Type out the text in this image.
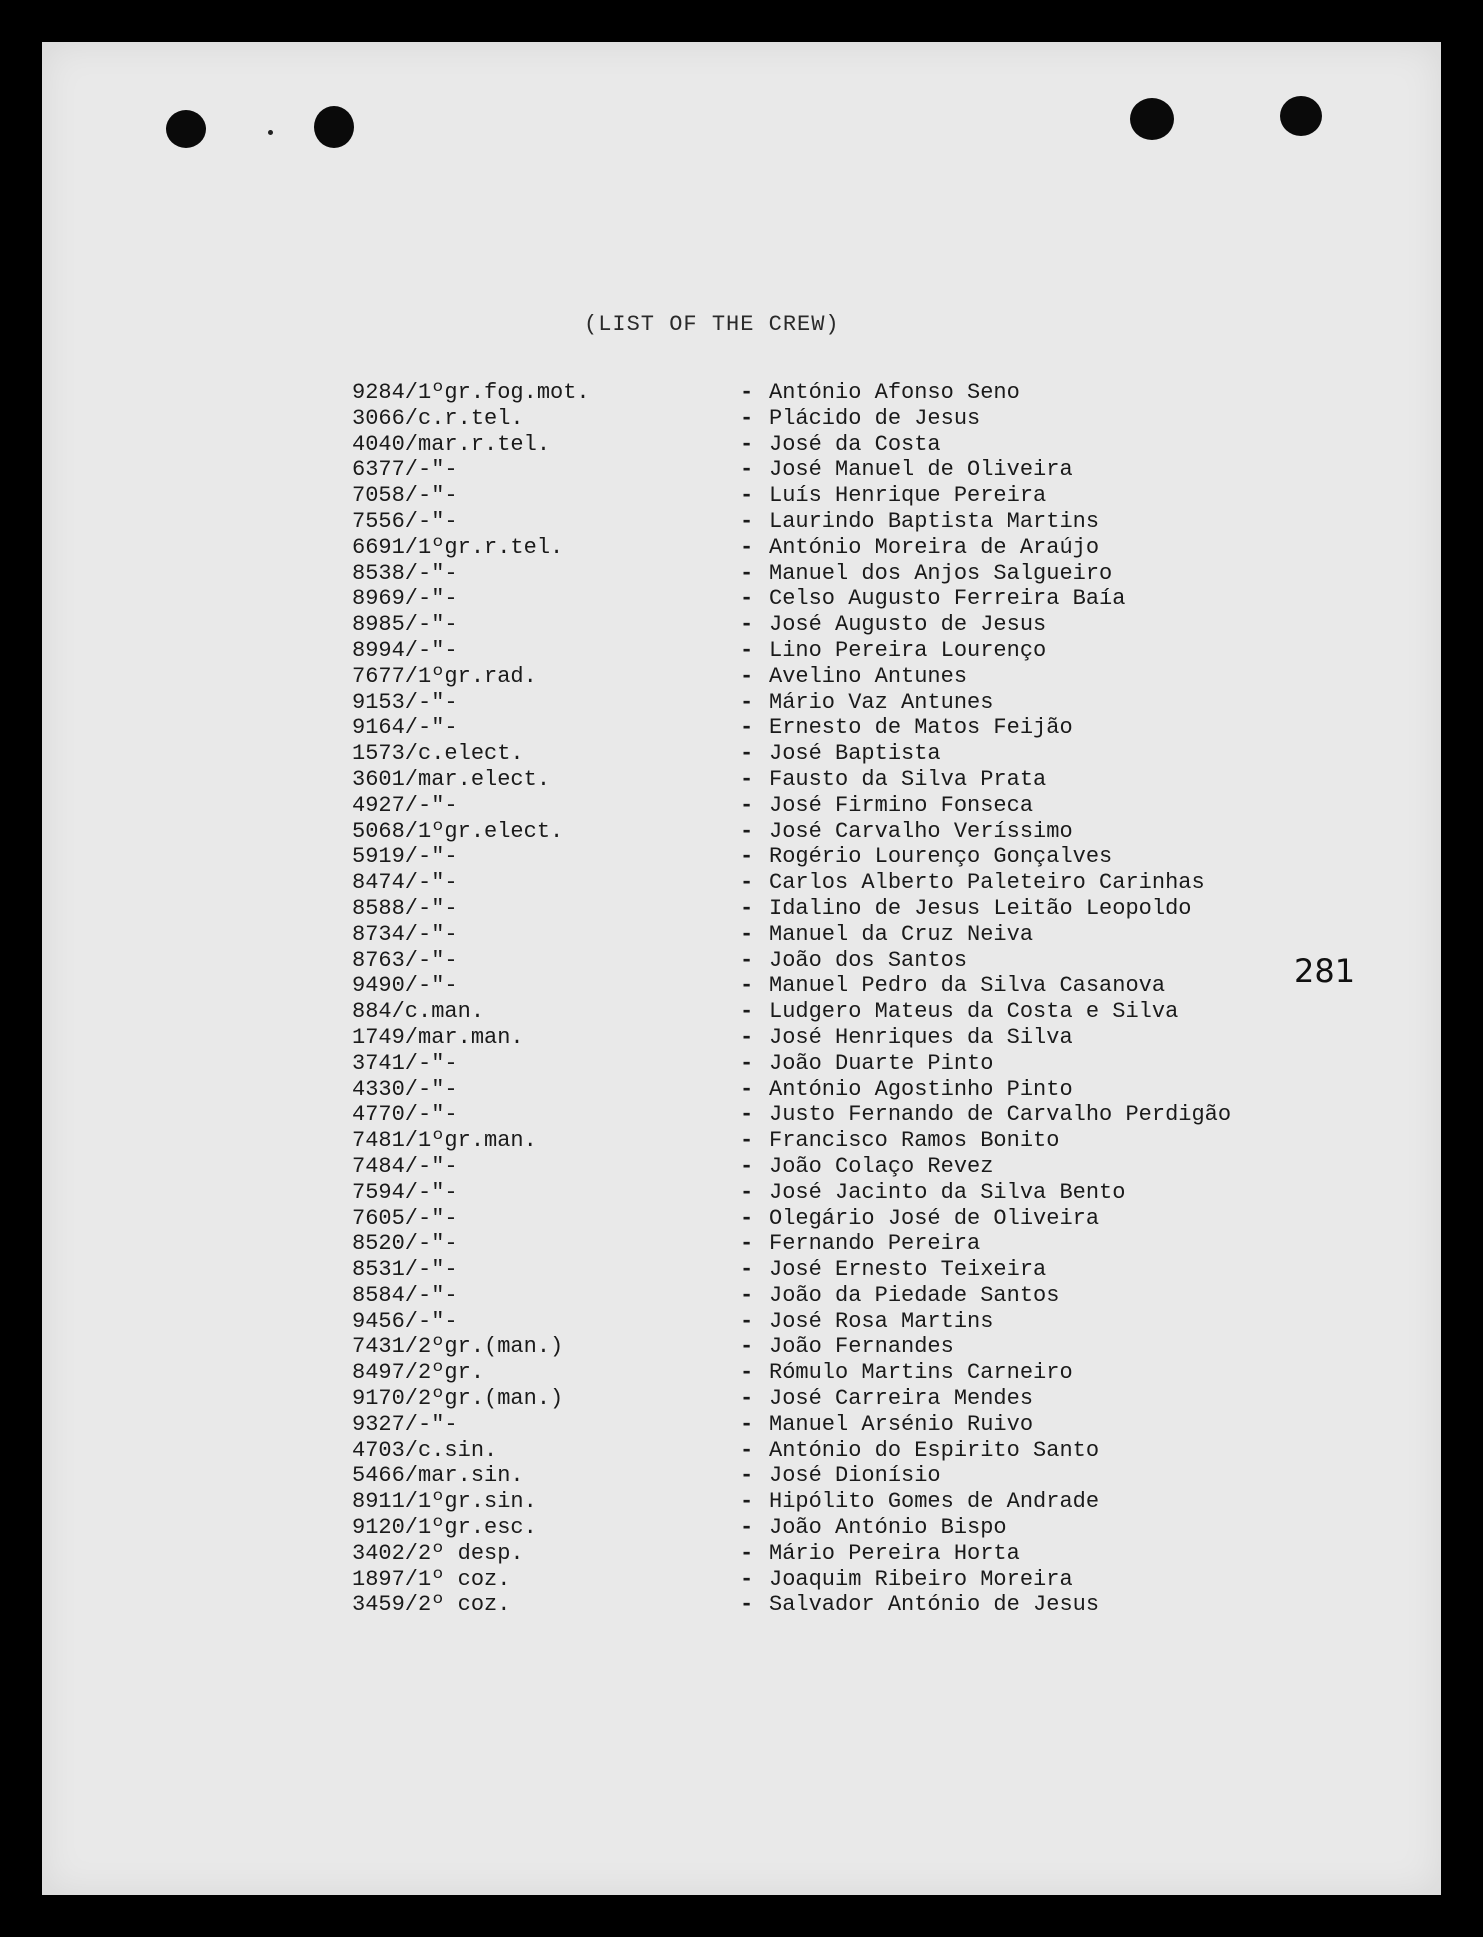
(LIST OF THE CREW)
9284/1ºgr.fog.mot.	- António Afonso Seno
3066/c.r.tel.	- Plácido de Jesus
4040/mar.r.tel.	- José da Costa
6377/-"-	- José Manuel de Oliveira
7058/-"-	- Luís Henrique Pereira
7556/-"-	- Laurindo Baptista Martins
6691/1ºgr.r.tel.	- António Moreira de Araújo
8538/-"-	- Manuel dos Anjos Salgueiro
8969/-"-	- Celso Augusto Ferreira Baía
8985/-"-	- José Augusto de Jesus
8994/-"-	- Lino Pereira Lourenço
7677/1ºgr.rad.	- Avelino Antunes
9153/-"-	- Mário Vaz Antunes
9164/-"-	- Ernesto de Matos Feijão
1573/c.elect.	- José Baptista
3601/mar.elect.	- Fausto da Silva Prata
4927/-"-	- José Firmino Fonseca
5068/1ºgr.elect.	- José Carvalho Veríssimo
5919/-"-	- Rogério Lourenço Gonçalves
8474/-"-	- Carlos Alberto Paleteiro Carinhas
8588/-"-	- Idalino de Jesus Leitão Leopoldo
8734/-"-	- Manuel da Cruz Neiva
8763/-"-	- João dos Santos
9490/-"-	- Manuel Pedro da Silva Casanova
884/c.man.	- Ludgero Mateus da Costa e Silva
1749/mar.man.	- José Henriques da Silva
3741/-"-	- João Duarte Pinto
4330/-"-	- António Agostinho Pinto
4770/-"-	- Justo Fernando de Carvalho Perdigão
7481/1ºgr.man.	- Francisco Ramos Bonito
7484/-"-	- João Colaço Revez
7594/-"-	- José Jacinto da Silva Bento
7605/-"-	- Olegário José de Oliveira
8520/-"-	- Fernando Pereira
8531/-"-	- José Ernesto Teixeira
8584/-"-	- João da Piedade Santos
9456/-"-	- José Rosa Martins
7431/2ºgr.(man.)	- João Fernandes
8497/2ºgr.	- Rómulo Martins Carneiro
9170/2ºgr.(man.)	- José Carreira Mendes
9327/-"-	- Manuel Arsénio Ruivo
4703/c.sin.	- António do Espirito Santo
5466/mar.sin.	- José Dionísio
8911/1ºgr.sin.	- Hipólito Gomes de Andrade
9120/1ºgr.esc.	- João António Bispo
3402/2º desp.	- Mário Pereira Horta
1897/1º coz.	- Joaquim Ribeiro Moreira
3459/2º coz.	- Salvador António de Jesus
281
